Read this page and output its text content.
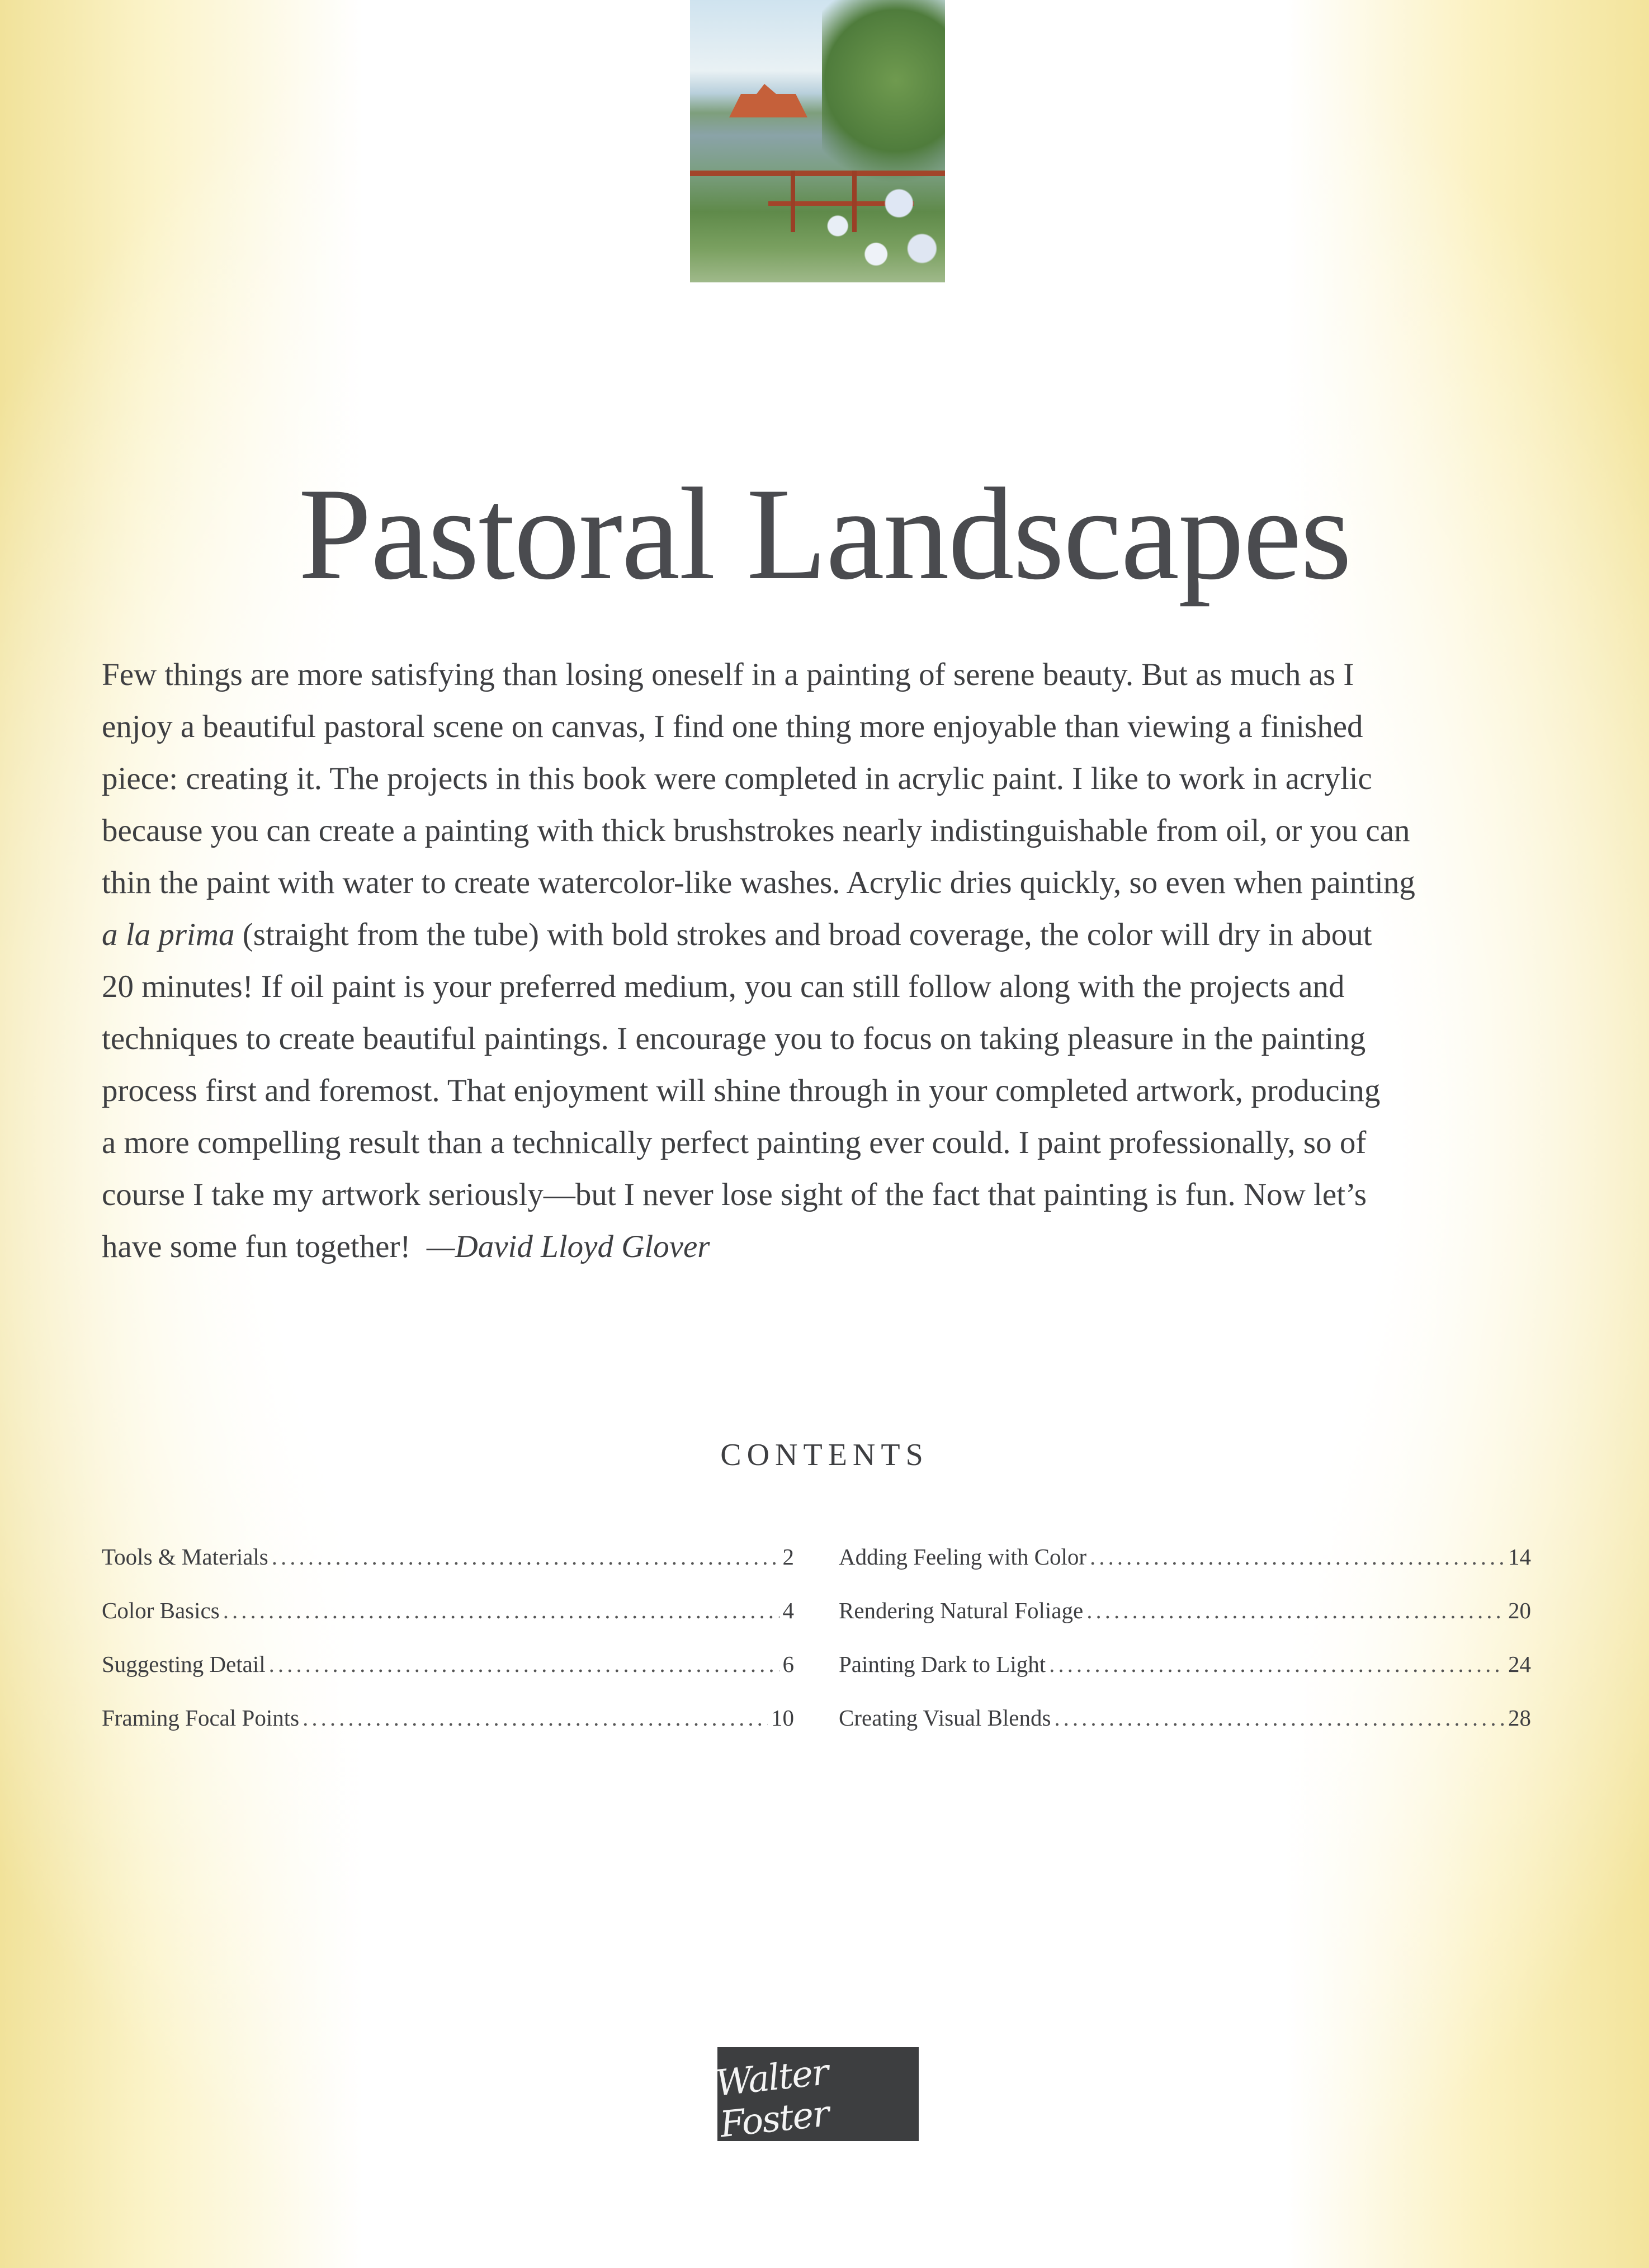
Pastoral Landscapes
Few things are more satisfying than losing oneself in a painting of serene beauty. But as much as I
enjoy a beautiful pastoral scene on canvas, I find one thing more enjoyable than viewing a finished
piece: creating it. The projects in this book were completed in acrylic paint. I like to work in acrylic
because you can create a painting with thick brushstrokes nearly indistinguishable from oil, or you can
thin the paint with water to create watercolor-like washes. Acrylic dries quickly, so even when painting
a la prima (straight from the tube) with bold strokes and broad coverage, the color will dry in about
20 minutes! If oil paint is your preferred medium, you can still follow along with the projects and
techniques to create beautiful paintings. I encourage you to focus on taking pleasure in the painting
process first and foremost. That enjoyment will shine through in your completed artwork, producing
a more compelling result than a technically perfect painting ever could. I paint professionally, so of
course I take my artwork seriously—but I never lose sight of the fact that painting is fun. Now let’s
have some fun together!  —David Lloyd Glover
CONTENTS
Tools & Materials .....	2
Color Basics .....	4
Suggesting Detail .....	6
Framing Focal Points .....	10
Adding Feeling with Color .....	14
Rendering Natural Foliage .....	20
Painting Dark to Light .....	24
Creating Visual Blends .....	28
Walter Foster
